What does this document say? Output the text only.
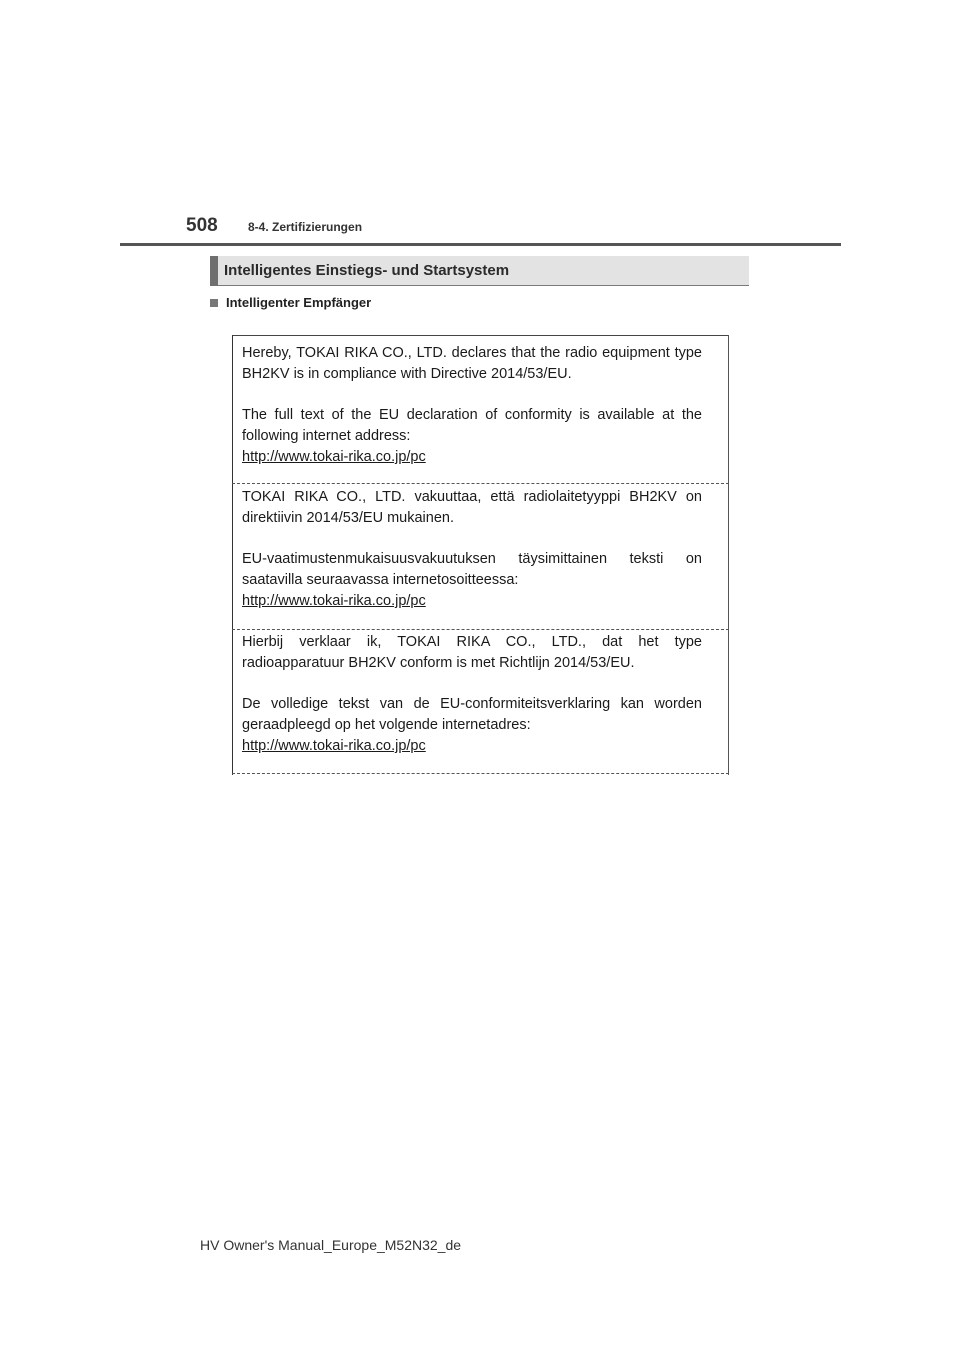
508	8-4. Zertifizierungen
Intelligentes Einstiegs- und Startsystem
Intelligenter Empfänger

Hereby, TOKAI RIKA CO., LTD. declares that the radio equipment type

BH2KV is in compliance with Directive 2014/53/EU.

The full text of the EU declaration of conformity is available at the

following internet address:

http://www.tokai-rika.co.jp/pc

TOKAI RIKA CO., LTD. vakuuttaa, että radiolaitetyyppi BH2KV on

direktiivin 2014/53/EU mukainen.

EU-vaatimustenmukaisuusvakuutuksen täysimittainen teksti on

saatavilla seuraavassa internetosoitteessa:

http://www.tokai-rika.co.jp/pc

Hierbij verklaar ik, TOKAI RIKA CO., LTD., dat het type

radioapparatuur BH2KV conform is met Richtlijn 2014/53/EU.

De volledige tekst van de EU-conformiteitsverklaring kan worden

geraadpleegd op het volgende internetadres:

http://www.tokai-rika.co.jp/pc
HV Owner's Manual_Europe_M52N32_de
